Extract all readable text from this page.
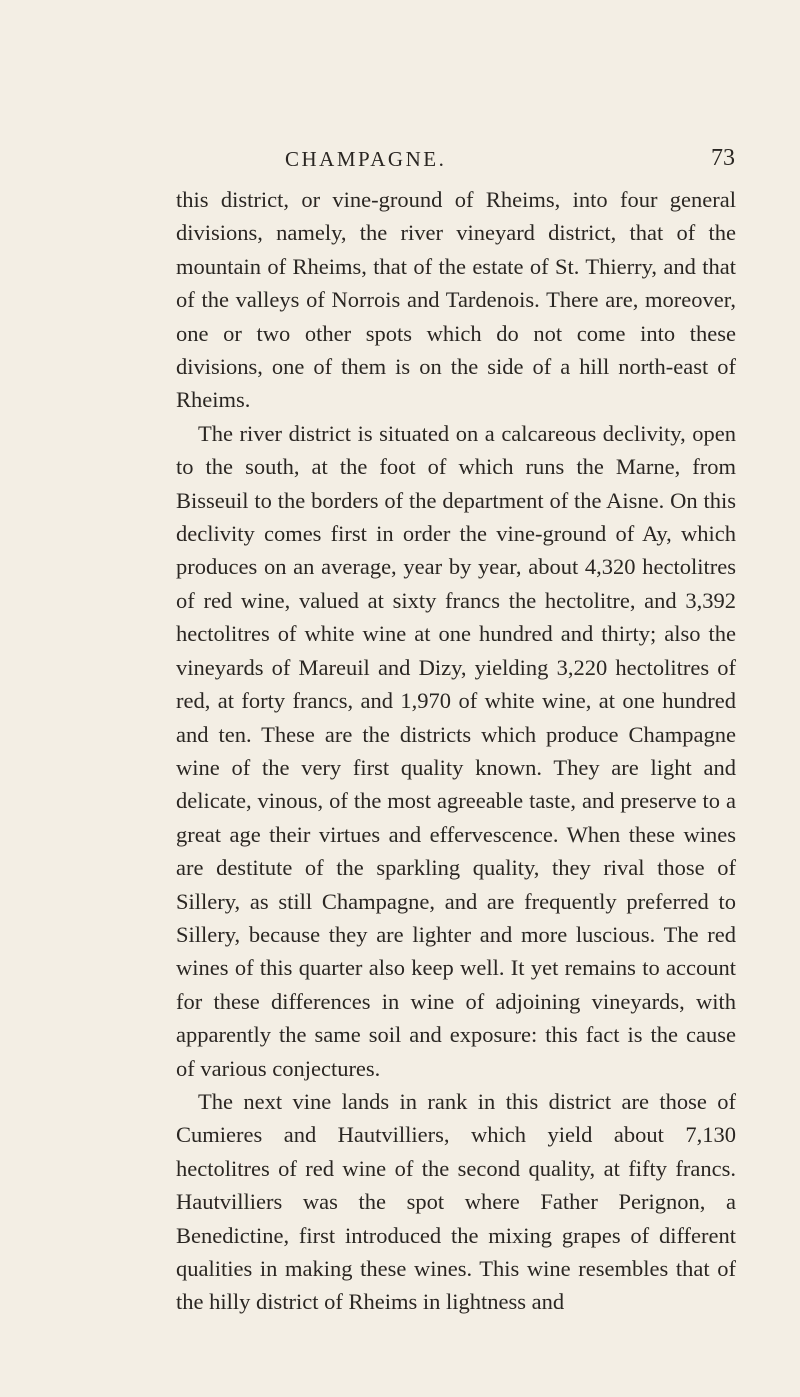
CHAMPAGNE.	73

this district, or vine-ground of Rheims, into four general divisions, namely, the river vineyard district, that of the mountain of Rheims, that of the estate of St. Thierry, and that of the valleys of Norrois and Tardenois. There are, moreover, one or two other spots which do not come into these divisions, one of them is on the side of a hill north-east of Rheims.

The river district is situated on a calcareous declivity, open to the south, at the foot of which runs the Marne, from Bisseuil to the borders of the department of the Aisne. On this declivity comes first in order the vine-ground of Ay, which produces on an average, year by year, about 4,320 hectolitres of red wine, valued at sixty francs the hectolitre, and 3,392 hectolitres of white wine at one hundred and thirty; also the vineyards of Mareuil and Dizy, yielding 3,220 hectolitres of red, at forty francs, and 1,970 of white wine, at one hundred and ten. These are the districts which produce Champagne wine of the very first quality known. They are light and delicate, vinous, of the most agreeable taste, and preserve to a great age their virtues and effervescence. When these wines are destitute of the sparkling quality, they rival those of Sillery, as still Champagne, and are frequently preferred to Sillery, because they are lighter and more luscious. The red wines of this quarter also keep well. It yet remains to account for these differences in wine of adjoining vineyards, with apparently the same soil and exposure: this fact is the cause of various conjectures.

The next vine lands in rank in this district are those of Cumieres and Hautvilliers, which yield about 7,130 hectolitres of red wine of the second quality, at fifty francs. Hautvilliers was the spot where Father Perignon, a Benedictine, first introduced the mixing grapes of different qualities in making these wines. This wine resembles that of the hilly district of Rheims in lightness and
